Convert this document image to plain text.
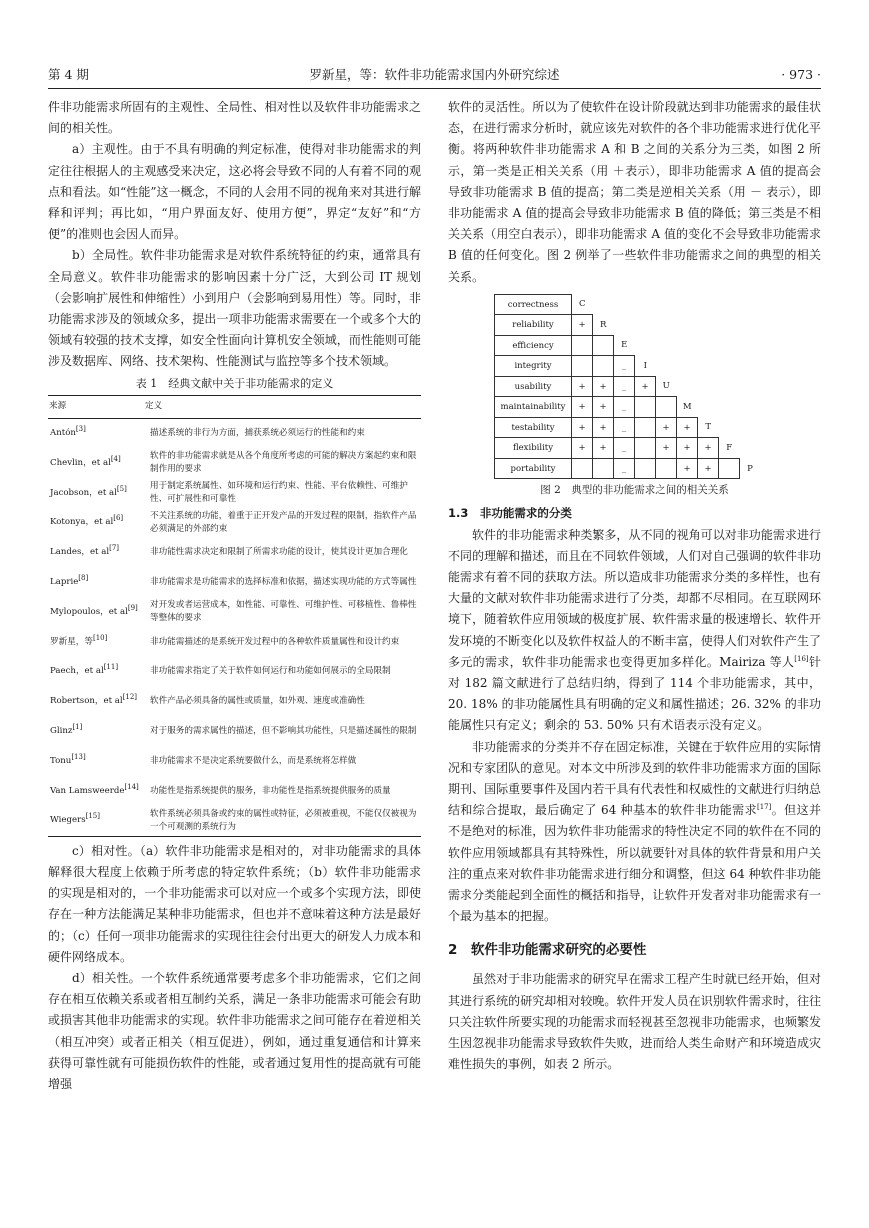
第 4 期	罗新星，等：软件非功能需求国内外研究综述	· 973 ·

件非功能需求所固有的主观性、全局性、相对性以及软件非功能需求之间的相关性。

a）主观性。由于不具有明确的判定标准，使得对非功能需求的判定往往根据人的主观感受来决定，这必将会导致不同的人有着不同的观点和看法。如“性能”这一概念，不同的人会用不同的视角来对其进行解释和评判；再比如，“用户界面友好、使用方便”，界定“友好”和“方便”的准则也会因人而异。

b）全局性。软件非功能需求是对软件系统特征的约束，通常具有全局意义。软件非功能需求的影响因素十分广泛，大到公司 IT 规划（会影响扩展性和伸缩性）小到用户（会影响到易用性）等。同时，非功能需求涉及的领域众多，提出一项非功能需求需要在一个或多个大的领域有较强的技术支撑，如安全性面向计算机安全领域，而性能则可能涉及数据库、网络、技术架构、性能测试与监控等多个技术领域。

表 1　经典文献中关于非功能需求的定义
来源	定义
Antón[3]	描述系统的非行为方面，捕获系统必须运行的性能和约束
Chevlin，et al[4]	软件的非功能需求就是从各个角度所考虑的可能的解决方案起约束和限制作用的要求
Jacobson，et al[5]	用于制定系统属性、如环境和运行约束、性能、平台依赖性、可维护性、可扩展性和可靠性
Kotonya，et al[6]	不关注系统的功能，着重于正开发产品的开发过程的限制，指软件产品必须满足的外部约束
Landes，et al[7]	非功能性需求决定和限制了所需求功能的设计，使其设计更加合理化
Laprie[8]	非功能需求是功能需求的选择标准和依据，描述实现功能的方式等属性
Mylopoulos，et al[9]	对开发或者运营成本，如性能、可靠性、可维护性、可移植性、鲁棒性等整体的要求
罗新星，等[10]	非功能需描述的是系统开发过程中的各种软件质量属性和设计约束
Paech，et al[11]	非功能需求指定了关于软件如何运行和功能如何展示的全局限制
Robertson，et al[12]	软件产品必须具备的属性或质量，如外观、速度或准确性
Glinz[1]	对于服务的需求属性的描述，但不影响其功能性，只是描述属性的限制
Tonu[13]	非功能需求不是决定系统要做什么，而是系统将怎样做
Van Lamsweerde[14]	功能性是指系统提供的服务，非功能性是指系统提供服务的质量
Wiegers[15]	软件系统必须具备或约束的属性或特征，必须被重视，不能仅仅被视为一个可观测的系统行为

c）相对性。（a）软件非功能需求是相对的，对非功能需求的具体解释很大程度上依赖于所考虑的特定软件系统；（b）软件非功能需求的实现是相对的，一个非功能需求可以对应一个或多个实现方法，即使存在一种方法能满足某种非功能需求，但也并不意味着这种方法是最好的；（c）任何一项非功能需求的实现往往会付出更大的研发人力成本和硬件网络成本。

d）相关性。一个软件系统通常要考虑多个非功能需求，它们之间存在相互依赖关系或者相互制约关系，满足一条非功能需求可能会有助或损害其他非功能需求的实现。软件非功能需求之间可能存在着逆相关（相互冲突）或者正相关（相互促进），例如，通过重复通信和计算来获得可靠性就有可能损伤软件的性能，或者通过复用性的提高就有可能增强

软件的灵活性。所以为了使软件在设计阶段就达到非功能需求的最佳状态，在进行需求分析时，就应该先对软件的各个非功能需求进行优化平衡。将两种软件非功能需求 A 和 B 之间的关系分为三类，如图 2 所示，第一类是正相关关系（用 ＋表示），即非功能需求 A 值的提高会导致非功能需求 B 值的提高；第二类是逆相关关系（用 － 表示），即非功能需求 A 值的提高会导致非功能需求 B 值的降低；第三类是不相关关系（用空白表示），即非功能需求 A 值的变化不会导致非功能需求 B 值的任何变化。图 2 例举了一些软件非功能需求之间的典型的相关关系。

correctness	C								
reliability	+	R							
efficiency			E						
integrity			_	I					
usability	+	+	_	+	U				
maintainability	+	+	_			M			
testability	+	+	_		+	+	T		
flexibility	+	+	_		+	+	+	F	
portability			_			+	+		P
图 2　典型的非功能需求之间的相关关系
1.3　非功能需求的分类

软件的非功能需求种类繁多，从不同的视角可以对非功能需求进行不同的理解和描述，而且在不同软件领域，人们对自己强调的软件非功能需求有着不同的获取方法。所以造成非功能需求分类的多样性，也有大量的文献对软件非功能需求进行了分类，却都不尽相同。在互联网环境下，随着软件应用领域的极度扩展、软件需求量的极速增长、软件开发环境的不断变化以及软件权益人的不断丰富，使得人们对软件产生了多元的需求，软件非功能需求也变得更加多样化。Mairiza 等人[16]针对 182 篇文献进行了总结归纳，得到了 114 个非功能需求，其中，20. 18% 的非功能属性具有明确的定义和属性描述；26. 32% 的非功能属性只有定义；剩余的 53. 50% 只有术语表示没有定义。

非功能需求的分类并不存在固定标准，关键在于软件应用的实际情况和专家团队的意见。对本文中所涉及到的软件非功能需求方面的国际期刊、国际重要事件及国内若干具有代表性和权威性的文献进行归纳总结和综合提取，最后确定了 64 种基本的软件非功能需求[17]。但这并不是绝对的标准，因为软件非功能需求的特性决定不同的软件在不同的软件应用领域都具有其特殊性，所以就要针对具体的软件背景和用户关注的重点来对软件非功能需求进行细分和调整，但这 64 种软件非功能需求分类能起到全面性的概括和指导，让软件开发者对非功能需求有一个最为基本的把握。

2　软件非功能需求研究的必要性

虽然对于非功能需求的研究早在需求工程产生时就已经开始，但对其进行系统的研究却相对较晚。软件开发人员在识别软件需求时，往往只关注软件所要实现的功能需求而轻视甚至忽视非功能需求，也频繁发生因忽视非功能需求导致软件失败，进而给人类生命财产和环境造成灾难性损失的事例，如表 2 所示。
